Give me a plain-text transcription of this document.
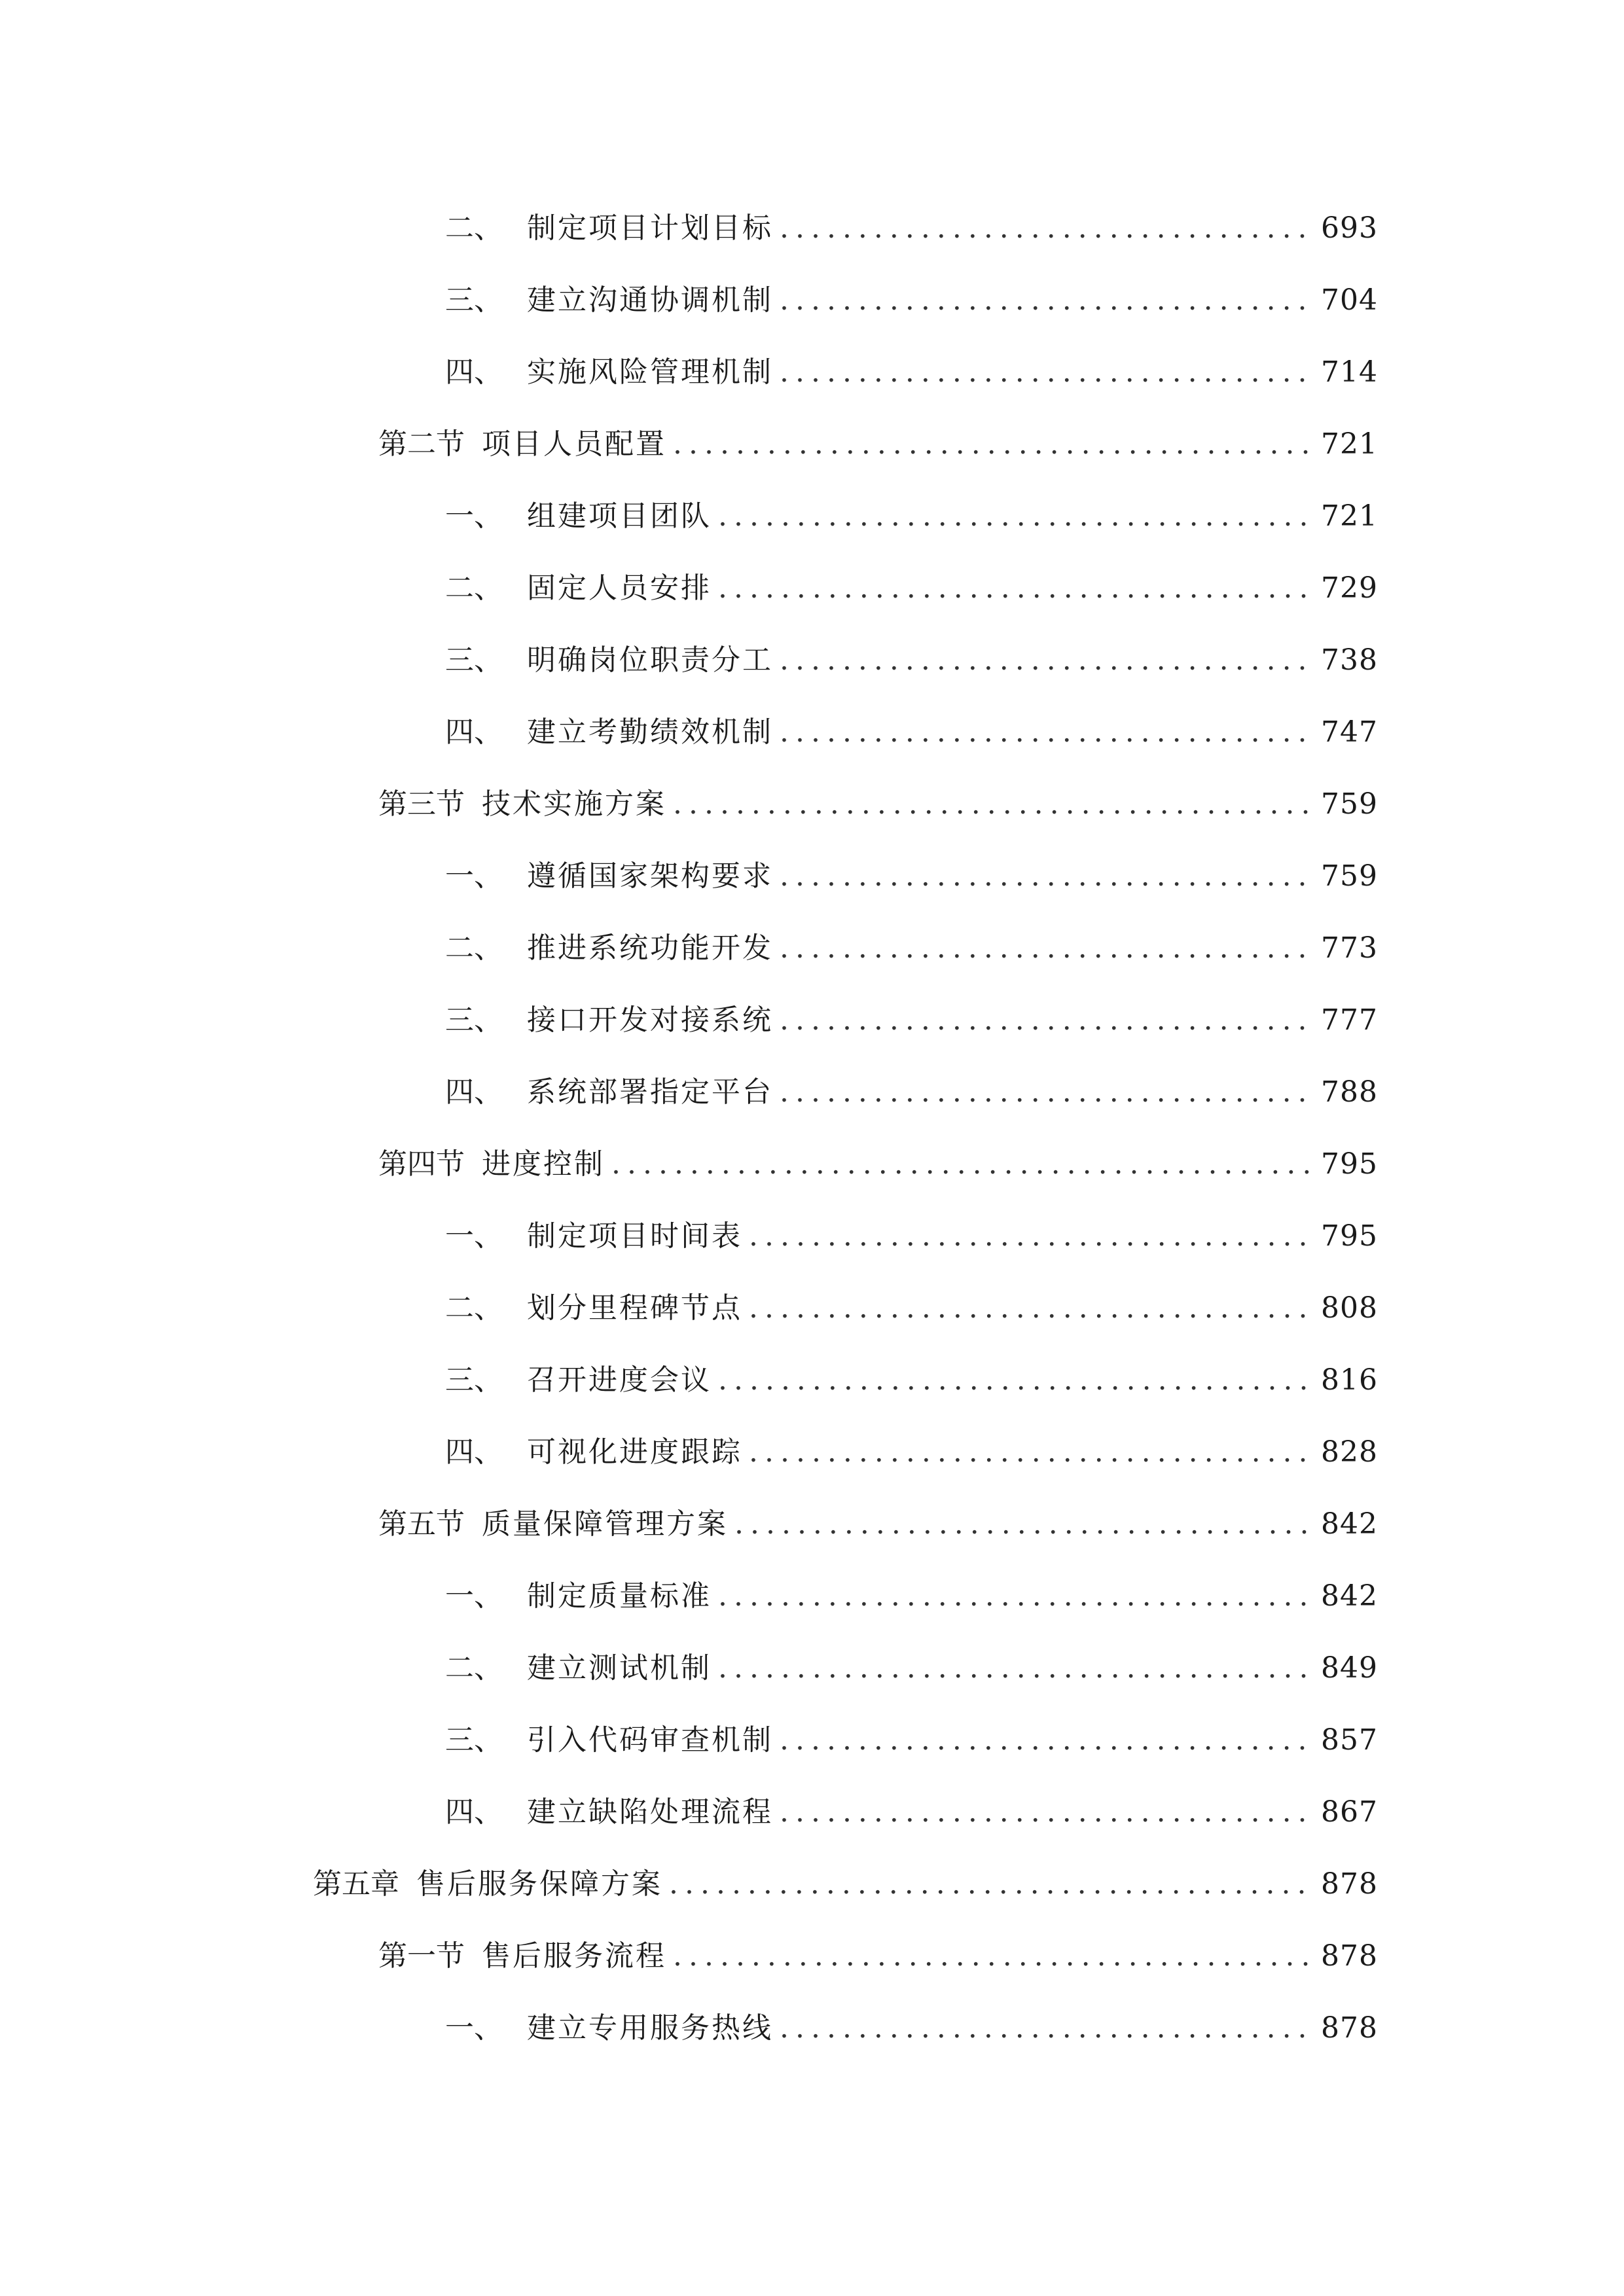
二、 制定项目计划目标 .....	693
三、 建立沟通协调机制 .....	704
四、 实施风险管理机制 .....	714
第二节 项目人员配置 .....	721
一、 组建项目团队 .....	721
二、 固定人员安排 .....	729
三、 明确岗位职责分工 .....	738
四、 建立考勤绩效机制 .....	747
第三节 技术实施方案 .....	759
一、 遵循国家架构要求 .....	759
二、 推进系统功能开发 .....	773
三、 接口开发对接系统 .....	777
四、 系统部署指定平台 .....	788
第四节 进度控制 .....	795
一、 制定项目时间表 .....	795
二、 划分里程碑节点 .....	808
三、 召开进度会议 .....	816
四、 可视化进度跟踪 .....	828
第五节 质量保障管理方案 .....	842
一、 制定质量标准 .....	842
二、 建立测试机制 .....	849
三、 引入代码审查机制 .....	857
四、 建立缺陷处理流程 .....	867
第五章 售后服务保障方案 .....	878
第一节 售后服务流程 .....	878
一、 建立专用服务热线 .....	878
